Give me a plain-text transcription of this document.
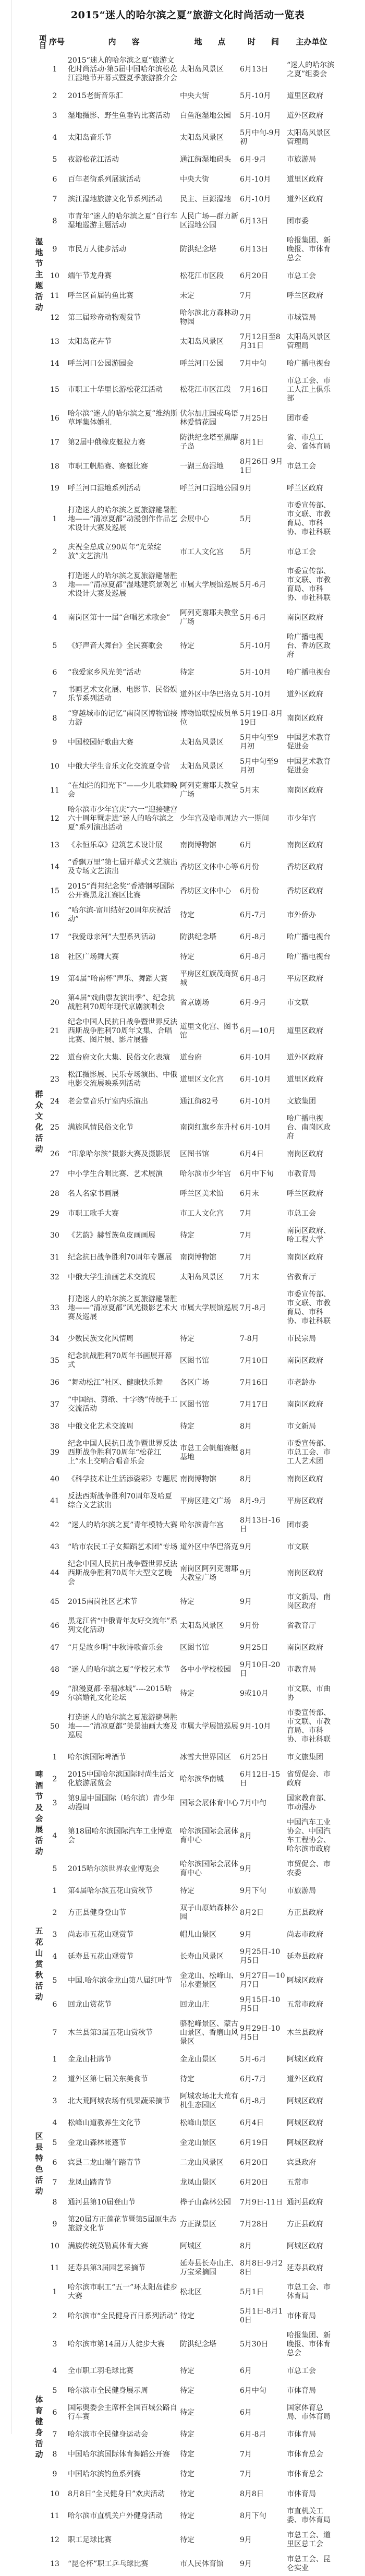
2015“迷人的哈尔滨之夏”旅游文化时尚活动一览表
项目	序号	内　　容	地　　点	时　　间	主办单位
湿地节主题活动	1	2015“迷人的哈尔滨之夏”旅游文化时尚活动·第5届中国哈尔滨松花江湿地节开幕式暨夏季旅游推介会	太阳岛风景区	6月13日	“迷人的哈尔滨之夏”组委会
	2	2015老街音乐汇	中央大街	5月-10月	道里区政府
	3	湿地摄影、野生鱼垂钓比赛活动	白鱼泡湿地公园	5月-10月	道外区政府
	4	太阳岛音乐节	太阳岛风景区	5月中旬-9月初	太阳岛风景区管理局
	5	夜游松花江活动	通江街湿地码头	6月-9月	市旅游局
	6	百年老街系列展演活动	中央大街	6月-10月	道里区政府
	7	滨江湿地旅游文化节系列活动	民主、巨源湿地	6月-10月	道外区政府
	8	市青年“迷人的哈尔滨之夏”自行车湿地巡游主题活动	人民广场—群力新区湿地公园	6月13日	团市委
	9	市民万人徒步活动	防洪纪念塔	6月13日	哈报集团、新晚报、市体育总会
	10	端午节龙舟赛	松花江市区段	6月20日	市总工会
	11	呼兰区首届钓鱼比赛	未定	7月	呼兰区政府
	12	第三届珍奇动物观赏节	哈尔滨北方森林动物园	7月	市城管局
	13	太阳岛花卉节	太阳岛风景区	7月12日至8月31日	太阳岛风景区管理局
	14	呼兰河口公园游园会	呼兰河口公园	7月中旬	哈广播电视台
	15	市职工十华里长游松花江活动	松花江市区江段	7月16日	市总工会、市工人江上俱乐部
	16	哈尔滨“迷人的哈尔滨之夏”维纳斯草坪集体婚礼	伏尔加庄园或乌语林爱情花园	7月25日	团市委
	17	第2届中俄橡皮艇拉力赛	防洪纪念塔至黑瞎子岛	8月1日	省、市总工会、省体育局
	18	市职工帆船赛、赛艇比赛	一湖三岛湿地	8月26日-9月1日	市总工会
	19	呼兰河口湿地系列活动	呼兰河口湿地公园	9月	呼兰区政府
群众文化活动	1	打造迷人的哈尔滨之夏旅游避暑胜地——“清凉夏都”动漫创作作品艺术设计大赛及巡展	会展中心	5月	市委宣传部、市文联、市教育局、市科协、市社科联
	2	庆祝全总成立90周年“光荣绽放”文艺演出	市工人文化宫	5月	市总工会
	3	打造迷人的哈尔滨之夏旅游避暑胜地——“清凉夏都”湿地建筑景观艺术设计大赛及巡展	市属大学展馆巡展	5月-6月	市委宣传部、市文联、市教育局、市科协、市社科联
	4	南岗区第十一届“合唱艺术歌会”	阿列克谢耶夫教堂广场	5月-6月	南岗区政府
	5	《好声音大舞台》全民赛歌会	待定	5月-10月	哈广播电视台、香坊区政府
	6	“我爱家乡风光美”活动	待定	5月-10月	哈广播电视台
	7	书画艺术文化展、电影节、民俗娱乐节系列活动	道外区中华巴洛克	5月-10月	道外区政府
	8	“穿越城市的记忆”南岗区博物馆接力游	博物馆联盟成员单位	5月19日-8月19日	南岗区政府
	9	中国校园好歌曲大赛	太阳岛风景区	5月中旬至9月初	中国艺术教育促进会
	10	中俄大学生音乐文化交流夏令营	太阳岛风景区	5月中旬至9月初	中国艺术教育促进会
	11	“在灿烂的阳光下”——少儿歌舞晚会	阿列克谢耶夫教堂广场	5月末	南岗区政府
	12	哈尔滨市少年宫庆“六一”迎接建宫六十周年暨走进“迷人的哈尔滨之夏”系列演出活动	少年宫及哈市周边	六一期间	市少年宫
	13	《永恒乐章》建筑艺术设计展	南岗博物馆	6月	南岗区政府
	14	“香飘万里”第七届开幕式文艺演出及专场文艺演出	香坊区文体中心等	6月份	香坊区政府
	15	2015“肖邦纪念奖”香港钢琴国际公开赛黑龙江赛区比赛	香坊区文体中心	6月份	香坊区政府
	16	“哈尔滨-富川结好20周年庆祝活动”	待定	6月-7月	市外侨办
	17	“我爱母亲河”大型系列活动	防洪纪念塔	6月-8月	哈广播电视台
	18	社区广场舞大赛	待定	6月-8月	哈广播电视台
	19	第4届“哈南杯”声乐、舞蹈大赛	平房区红旗茂商贸城	6月-8月	平房区政府
	20	第4届“戏曲票友演出季”、纪念抗战胜利70周年现代京剧演唱会	省京剧场	6月-9月	市文联
	21	纪念中国人民抗日战争暨世界反法西斯战争胜利70周年文集、合唱比赛、图片展、影片展播	道里文化宫、图书馆	6月—10月	道里区政府
	22	道台府文化大集、民俗文化表演	道台府	6月-10月	道外区政府
	23	松江摄影展、民乐专场演出、中俄电影交流展映系列活动	道里区文化宫	6月-10月	道里区政府
	24	老会堂音乐厅室内乐演出	通江街82号	6月-10月	文旅集团
	25	满族风情民俗文化节	南岗红旗乡东升村	6月-10月	哈广播电视台、南岗区政府
	26	“印象哈尔滨”摄影大赛及摄影展	区图书馆	6月4日	南岗区政府
	27	中小学生合唱比赛、艺术展演	哈尔滨市少年宫	6月中下旬	市教育局
	28	名人名家书画展	呼兰区美术馆	6月末	呼兰区政府
	29	市职工歌手大赛	市工人文化宫	7月	市总工会
	30	《艺韵》赫哲族鱼皮画画展	待定	7月	南岗区政府、哈工程大学
	31	纪念抗日战争胜利70周年专题展	南岗博物馆	7月	南岗区政府
	32	中俄大学生油画艺术交流展	太阳岛风景区	7月末	省教育厅
	33	打造迷人的哈尔滨之夏旅游避暑胜地——“清凉夏都”风光摄影艺术大赛及巡展	市属大学展馆巡展	7月-8月	市委宣传部、市文联、市教育局、市科协、市社科联
	34	少数民族文化风情周	待定	7-8月	市民宗局
	35	纪念抗战胜利70周年书画展开幕式	区图书馆	7月10日	南岗区政府
	36	“舞动松江”社区、健康快乐舞	各区广场	7月16日	市老龄办
	37	“中国结、剪纸、十字绣”传统手工交流活动	区图书馆	7月17日	南岗区政府
	38	中俄文化艺术交流周	待定	8月	市文新局
	39	纪念中国人民抗日战争暨世界反法西斯战争胜利70周年“松花江上”水上交响合唱音乐会	市总工会帆船赛艇基地	8月	市委宣传部、市总工会、市工人艺术团
	40	《科学技术让生活添姿彩》专题展	南岗博物馆	8月	南岗区政府
	41	反法西斯战争胜利70周年及哈夏综合文艺演出	平房区建文广场	8月-9月	平房区政府
	42	“迷人的哈尔滨之夏”青年模特大赛	哈尔滨青年宫	8月13日-16日	团市委
	43	“哈市农民工子女舞蹈艺术团”专场	道外区中华巴洛克	9月	市文联
	44	纪念中国人民抗日战争暨世界反法西斯战争胜利70周年大型文艺晚会	南岗区阿列克谢耶夫教堂广场	9月	南岗区政府
	45	2015南岗社区艺术节	待定	9月	市文新局、南岗区政府
	46	黑龙江省“中俄青年友好交流年”系列文化活动	太阳岛风景区	9月份	省教育厅
	47	“月是故乡明”中秋诗歌音乐会	区图书馆	9月25日	南岗区政府
	48	“迷人的哈尔滨之夏”学校艺术节	各中小学校校园	9月10日-20日	市教育局
	49	“浪漫夏都·幸福冰城”----2015哈尔滨婚礼文化论坛	待定	9或10月	市文联、市曲协
	50	打造迷人的哈尔滨之夏旅游避暑胜地——“清凉夏都”美景油画大赛及巡展	市属大学展馆巡展	9月-10月	市委宣传部、市文联、市教育局、市科协、市社科联
啤酒节及会展活动	1	哈尔滨国际啤酒节	冰雪大世界园区	6月25日	市文旅集团
	2	2015中国哈尔滨国际时尚生活文化旅游展览会	哈尔滨华南城	6月12日-15日	省贸促会、市政府
	3	第9届中国国际（哈尔滨）青少年动漫周	国际会展体育中心	7月中旬	国家教育部、市动漫办
	4	第18届哈尔滨国际汽车工业博览会	哈尔滨国际会展体育中心	8月	中国汽车工业协会、中国汽车工程协会、哈尔滨市政府
	5	2015哈尔滨世界农业博览会	哈尔滨国际会展体育中心	9月	市贸促会、市农委
五花山赏秋活动	1	第4届哈尔滨五花山赏秋节	待定	9月下旬	市旅游局
	2	方正县健身登山节	双子山原始森林公园	8月2日	方正县政府
	3	尚志市五花山观赏节	帽儿山景区	9月	尚志市政府
	4	延寿县五花山观赏节	长寿山风景区	9月25日-10月5日	延寿县政府
	5	中国.哈尔滨金龙山第八届红叶节	金龙山、松峰山、吊水壶景区	9月27日—10月7日	阿城区政府
	6	回龙山赏花节	回龙山庄	9月15日-10月5日	五常市政府
	7	木兰县第3届五花山赏秋节	骆驼峰景区、蒙古山景区、香磨山风景区	9月29日-10月5日	木兰县政府
区县特色活动	1	金龙山杜鹃节	金龙山景区	5月-6月	阿城区政府
	2	道外区第七届关东美食节	待定	6月-7月	道外区政府
	3	北大荒阿城农场有机果蔬采摘节	阿城农场北大荒有机生态园区	6月-8月	阿城区政府
	4	松峰山道教养生文化节	松峰山景区	6月4日	阿城区政府
	5	金龙山森林帐篷节	金龙山景区	6月19日	阿城区政府
	6	宾县二龙山端午踏青节	二龙山风景区	6月20日	宾县政府
	7	龙凤山踏青节	龙凤山景区	6月20日	五常市
	8	通河县第10届登山节	桦子山森林公园	7月9日-11日	通河县政府
	9	第20届方正莲花节暨第5届原生态旅游文化节	方正湖景区	7月28日	方正县政府
	10	满族传统莫勒真体育大赛	阿城区	8月	阿城区政府
	11	延寿县第3届园艺采摘节	延寿县长寿山庄、万宝采摘园	8月8日-9月28日	延寿县政府
体育健身活动	1	哈尔滨市职工“五一”环太阳岛徒步大赛	松北区	5月1日	市总工会、市体育局
	2	哈尔滨市“全民健身百日系列活动”	待定	5月1日-8月10日	市体育局
	3	哈尔滨市第14届万人徒步大赛	防洪纪念塔	5月30日	哈报集团、新晚报、市体育总会
	4	全市职工羽毛球比赛	待定	6月	市总工会
	5	哈尔滨市全民健身展示周	待定	6月中旬	市体育局
	6	国际奥委会主席杯全国百城公路自行车赛	待定	6月	国家体育总局、市体育局
	7	哈尔滨市全民健身运动会	待定	6月-8月	市体育局
	8	中国哈尔滨国际体育舞蹈公开赛	待定	7月	市体育总会
	9	中国哈尔滨钓鱼系列赛	待定	7月	市体育总会
	10	8月8日“全民健身日”欢庆活动	待定	8月8日	市体育局
	11	哈尔滨市直机关户外健身活动	待定	8月下旬	市直机关工委、市体育局
	12	职工足球比赛	待定	9月	市总工会、道里区总工会
	13	“昆仑杯”职工乒乓球比赛	市人民体育馆	9月	市总工会、昆仑实业
